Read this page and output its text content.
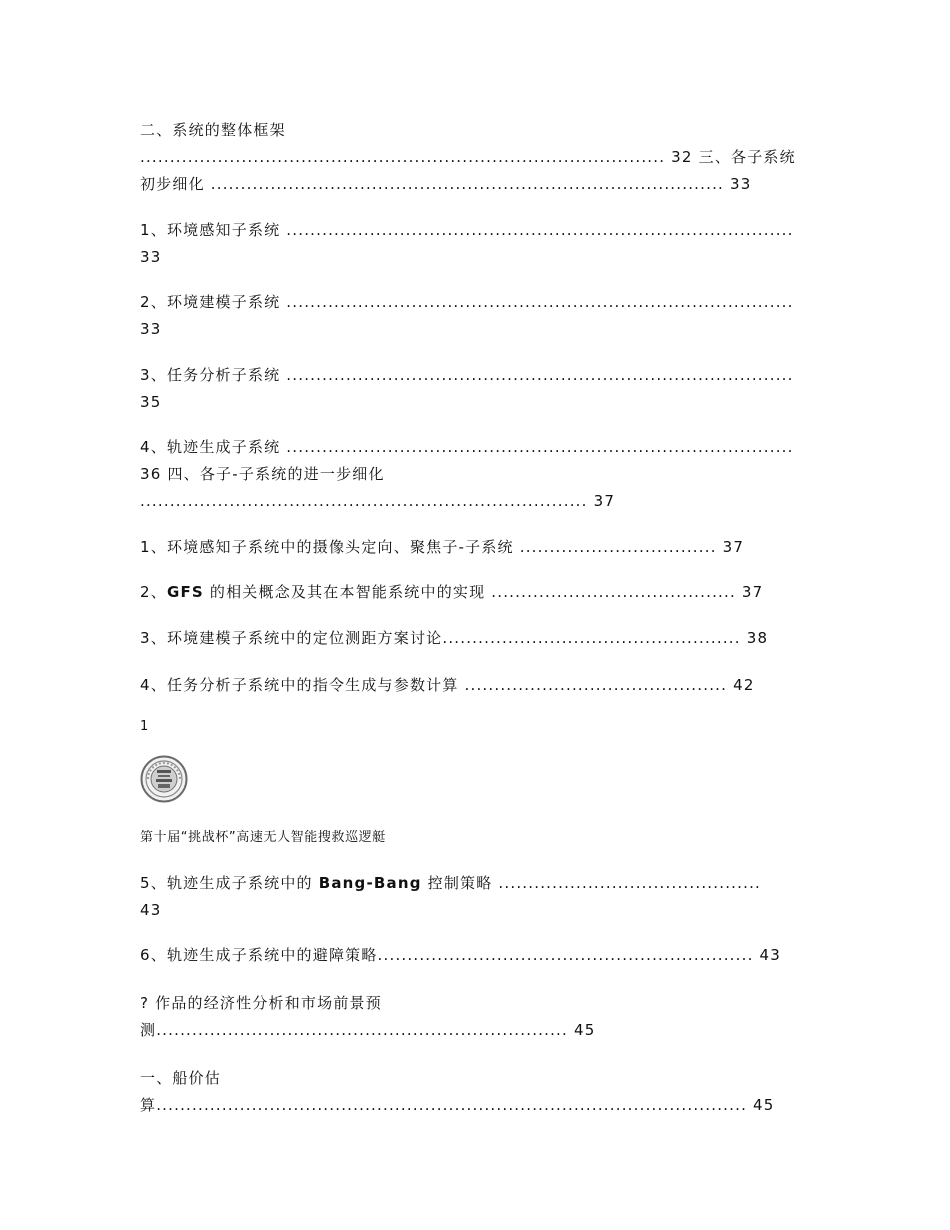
二、系统的整体框架
........................................................................................ 32 三、各子系统
初步细化 ...................................................................................... 33
1、环境感知子系统 .....................................................................................
33
2、环境建模子系统 .....................................................................................
33
3、任务分析子系统 .....................................................................................
35
4、轨迹生成子系统 .....................................................................................
36 四、各子-子系统的进一步细化
........................................................................... 37
1、环境感知子系统中的摄像头定向、聚焦子-子系统 ................................. 37
2、GFS 的相关概念及其在本智能系统中的实现 ......................................... 37
3、环境建模子系统中的定位测距方案讨论.................................................. 38
4、任务分析子系统中的指令生成与参数计算 ............................................ 42
1
第十届“挑战杯”高速无人智能搜救巡逻艇
5、轨迹生成子系统中的 Bang-Bang 控制策略 ............................................
43
6、轨迹生成子系统中的避障策略............................................................... 43
? 作品的经济性分析和市场前景预
测..................................................................... 45
一、船价估
算................................................................................................... 45
